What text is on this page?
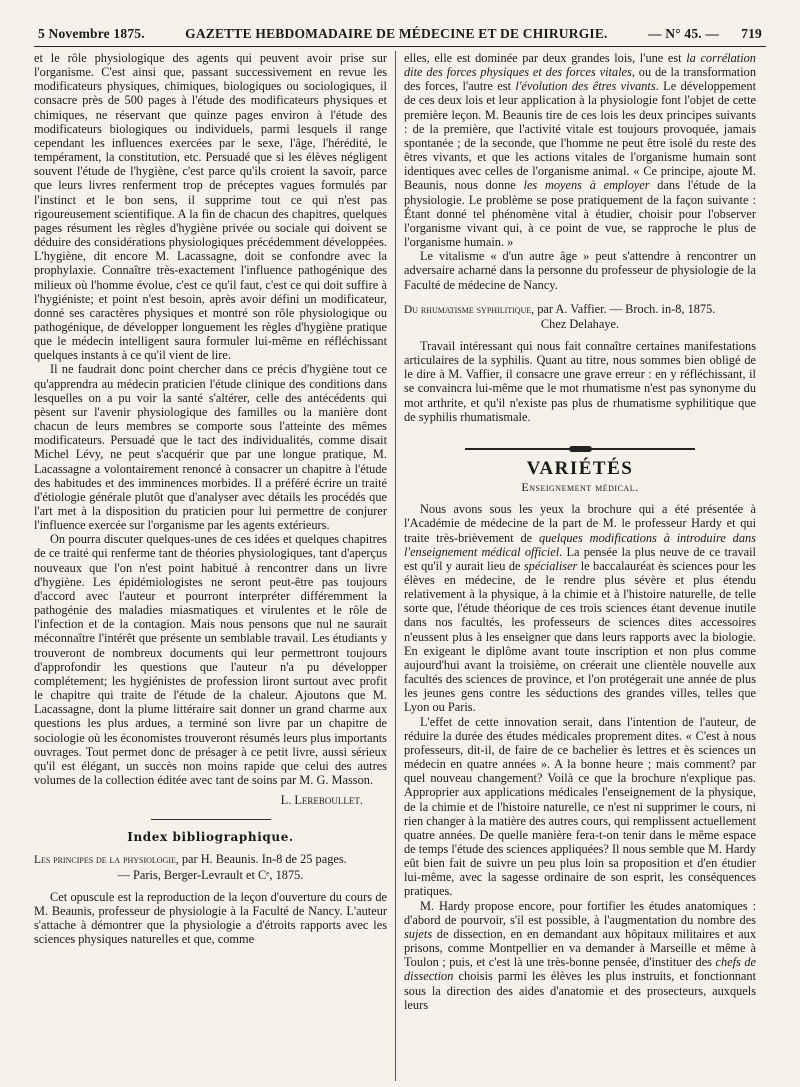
5 Novembre 1875.	GAZETTE HEBDOMADAIRE DE MÉDECINE ET DE CHIRURGIE.	— N° 45. — 719

et le rôle physiologique des agents qui peuvent avoir prise sur l'organisme. C'est ainsi que, passant successivement en revue les modificateurs physiques, chimiques, biologiques ou sociologiques, il consacre près de 500 pages à l'étude des modificateurs physiques et chimiques, ne réservant que quinze pages environ à l'étude des modificateurs biologiques ou individuels, parmi lesquels il range cependant les influences exercées par le sexe, l'âge, l'hérédité, le tempérament, la constitution, etc. Persuadé que si les élèves négligent souvent l'étude de l'hygiène, c'est parce qu'ils croient la savoir, parce que leurs livres renferment trop de préceptes vagues formulés par l'instinct et le bon sens, il supprime tout ce qui n'est pas rigoureusement scientifique. A la fin de chacun des chapitres, quelques pages résument les règles d'hygiène privée ou sociale qui doivent se déduire des considérations physiologiques précédemment développées. L'hygiène, dit encore M. Lacassagne, doit se confondre avec la prophylaxie. Connaître très-exactement l'influence pathogénique des milieux où l'homme évolue, c'est ce qu'il faut, c'est ce qui doit suffire à l'hygiéniste; et point n'est besoin, après avoir défini un modificateur, donné ses caractères physiques et montré son rôle physiologique ou pathogénique, de développer longuement les règles d'hygiène pratique que le médecin intelligent saura formuler lui-même en réfléchissant quelques instants à ce qu'il vient de lire.

Il ne faudrait donc point chercher dans ce précis d'hygiène tout ce qu'apprendra au médecin praticien l'étude clinique des conditions dans lesquelles on a pu voir la santé s'altérer, celle des antécédents qui pèsent sur l'avenir physiologique des familles ou la manière dont chacun de leurs membres se comporte sous l'atteinte des mêmes modificateurs. Persuadé que le tact des individualités, comme disait Michel Lévy, ne peut s'acquérir que par une longue pratique, M. Lacassagne a volontairement renoncé à consacrer un chapitre à l'étude des habitudes et des imminences morbides. Il a préféré écrire un traité d'étiologie générale plutôt que d'analyser avec détails les procédés que l'art met à la disposition du praticien pour lui permettre de conjurer l'influence exercée sur l'organisme par les agents extérieurs.

On pourra discuter quelques-unes de ces idées et quelques chapitres de ce traité qui renferme tant de théories physiologiques, tant d'aperçus nouveaux que l'on n'est point habitué à rencontrer dans un livre d'hygiène. Les épidémiologistes ne seront peut-être pas toujours d'accord avec l'auteur et pourront interpréter différemment la pathogénie des maladies miasmatiques et virulentes et le rôle de l'infection et de la contagion. Mais nous pensons que nul ne saurait méconnaître l'intérêt que présente un semblable travail. Les étudiants y trouveront de nombreux documents qui leur permettront toujours d'approfondir les questions que l'auteur n'a pu développer complétement; les hygiénistes de profession liront surtout avec profit le chapitre qui traite de l'étude de la chaleur. Ajoutons que M. Lacassagne, dont la plume littéraire sait donner un grand charme aux questions les plus ardues, a terminé son livre par un chapitre de sociologie où les économistes trouveront résumés leurs plus importants ouvrages. Tout permet donc de présager à ce petit livre, aussi sérieux qu'il est élégant, un succès non moins rapide que celui des autres volumes de la collection éditée avec tant de soins par M. G. Masson.

L. Lereboullet.
Index bibliographique.

Les principes de la physiologie, par H. Beaunis. In-8 de 25 pages.
— Paris, Berger-Levrault et Cᵉ, 1875.

Cet opuscule est la reproduction de la leçon d'ouverture du cours de M. Beaunis, professeur de physiologie à la Faculté de Nancy. L'auteur s'attache à démontrer que la physiologie a d'étroits rapports avec les sciences physiques naturelles et que, comme

elles, elle est dominée par deux grandes lois, l'une est la corrélation dite des forces physiques et des forces vitales, ou de la transformation des forces, l'autre est l'évolution des êtres vivants. Le développement de ces deux lois et leur application à la physiologie font l'objet de cette première leçon. M. Beaunis tire de ces lois les deux principes suivants : de la première, que l'activité vitale est toujours provoquée, jamais spontanée ; de la seconde, que l'homme ne peut être isolé du reste des êtres vivants, et que les actions vitales de l'organisme humain sont identiques avec celles de l'organisme animal. « Ce principe, ajoute M. Beaunis, nous donne les moyens à employer dans l'étude de la physiologie. Le problème se pose pratiquement de la façon suivante : Étant donné tel phénomène vital à étudier, choisir pour l'observer l'organisme vivant qui, à ce point de vue, se rapproche le plus de l'organisme humain. »

Le vitalisme « d'un autre âge » peut s'attendre à rencontrer un adversaire acharné dans la personne du professeur de physiologie de la Faculté de médecine de Nancy.

Du rhumatisme syphilitique, par A. Vaffier. — Broch. in-8, 1875.
Chez Delahaye.

Travail intéressant qui nous fait connaître certaines manifestations articulaires de la syphilis. Quant au titre, nous sommes bien obligé de le dire à M. Vaffier, il consacre une grave erreur : en y réfléchissant, il se convaincra lui-même que le mot rhumatisme n'est pas synonyme du mot arthrite, et qu'il n'existe pas plus de rhumatisme syphilitique que de syphilis rhumatismale.

VARIÉTÉS
Enseignement médical.

Nous avons sous les yeux la brochure qui a été présentée à l'Académie de médecine de la part de M. le professeur Hardy et qui traite très-brièvement de quelques modifications à introduire dans l'enseignement médical officiel. La pensée la plus neuve de ce travail est qu'il y aurait lieu de spécialiser le baccalauréat ès sciences pour les élèves en médecine, de le rendre plus sévère et plus étendu relativement à la physique, à la chimie et à l'histoire naturelle, de telle sorte que, l'étude théorique de ces trois sciences étant devenue inutile dans nos facultés, les professeurs de sciences dites accessoires n'eussent plus à les enseigner que dans leurs rapports avec la biologie. En exigeant le diplôme avant toute inscription et non plus comme aujourd'hui avant la troisième, on créerait une clientèle nouvelle aux facultés des sciences de province, et l'on protégerait une année de plus les jeunes gens contre les séductions des grandes villes, telles que Lyon ou Paris.

L'effet de cette innovation serait, dans l'intention de l'auteur, de réduire la durée des études médicales proprement dites. « C'est à nous professeurs, dit-il, de faire de ce bachelier ès lettres et ès sciences un médecin en quatre années ». A la bonne heure ; mais comment? par quel nouveau changement? Voilà ce que la brochure n'explique pas. Approprier aux applications médicales l'enseignement de la physique, de la chimie et de l'histoire naturelle, ce n'est ni supprimer le cours, ni rien changer à la matière des autres cours, qui remplissent actuellement quatre années. De quelle manière fera-t-on tenir dans le même espace de temps l'étude des sciences appliquées? Il nous semble que M. Hardy eût bien fait de suivre un peu plus loin sa proposition et d'en étudier lui-même, avec la sagesse ordinaire de son esprit, les conséquences pratiques.

M. Hardy propose encore, pour fortifier les études anatomiques : d'abord de pourvoir, s'il est possible, à l'augmentation du nombre des sujets de dissection, en en demandant aux hôpitaux militaires et aux prisons, comme Montpellier en va demander à Marseille et même à Toulon ; puis, et c'est là une très-bonne pensée, d'instituer des chefs de dissection choisis parmi les élèves les plus instruits, et fonctionnant sous la direction des aides d'anatomie et des prosecteurs, auxquels leurs
